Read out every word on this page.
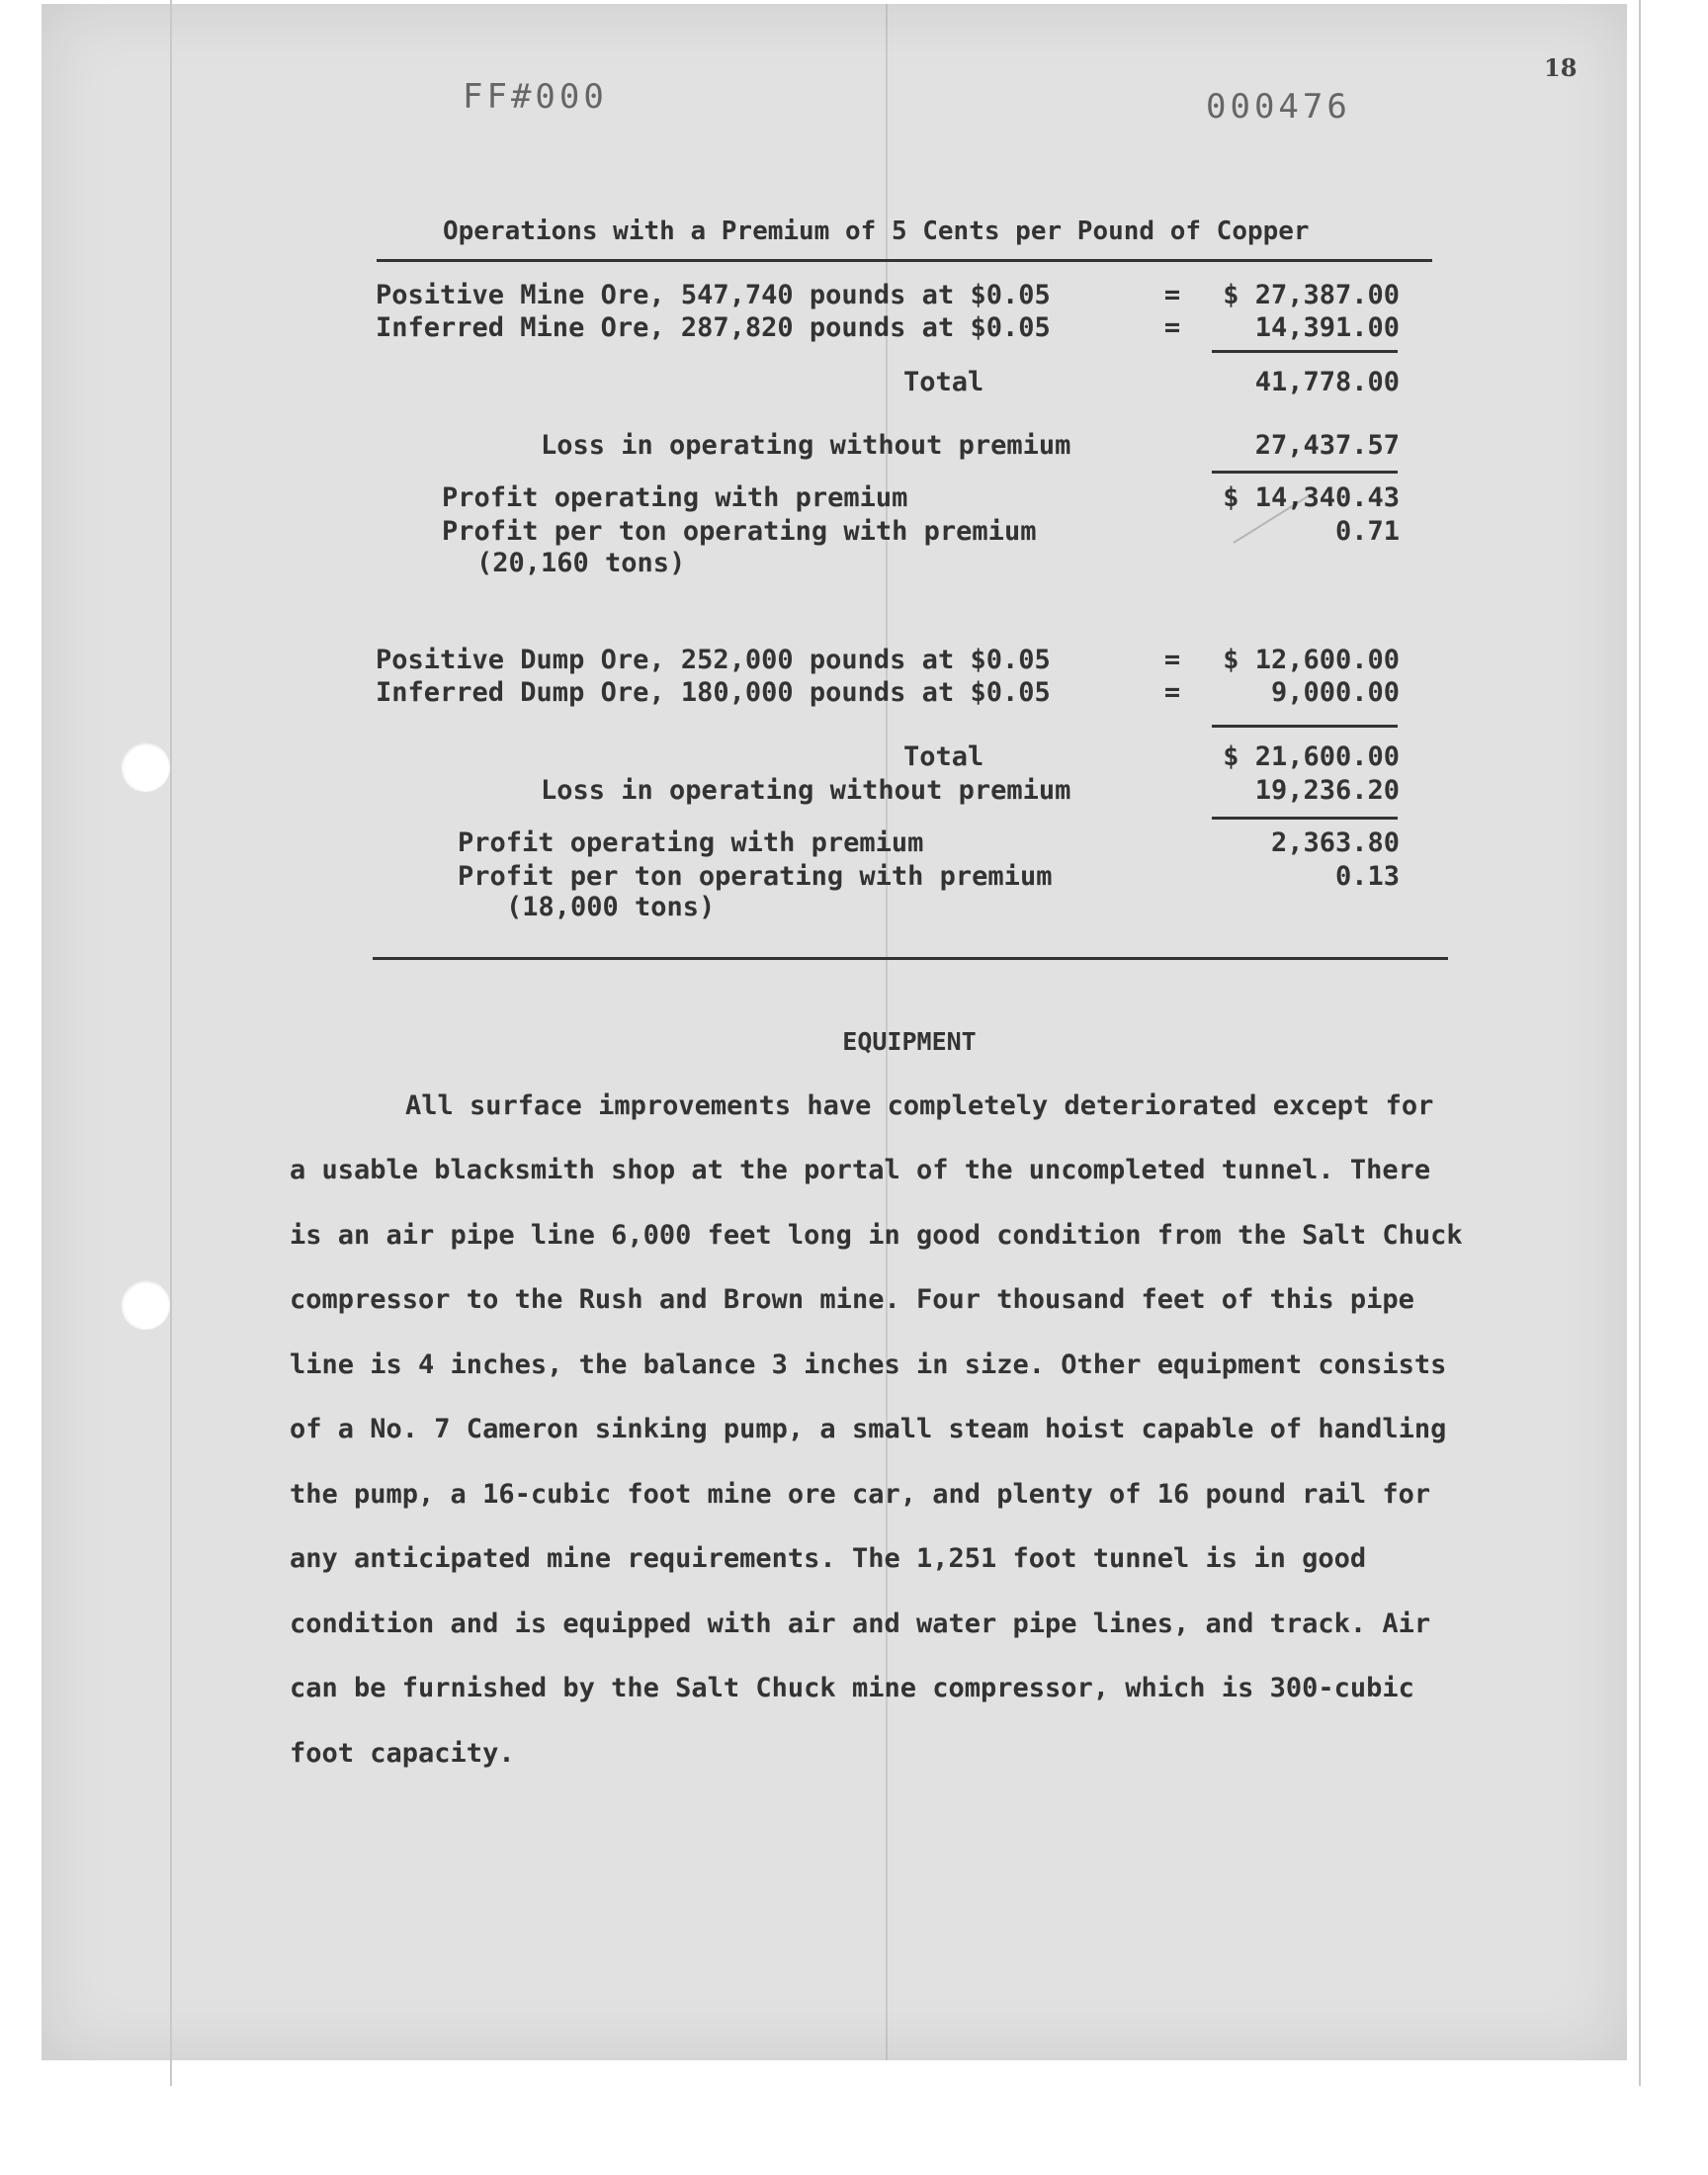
FF#000	000476
18
Operations with a Premium of 5 Cents per Pound of Copper
Positive Mine Ore, 547,740 pounds at $0.05	=	$ 27,387.00
Inferred Mine Ore, 287,820 pounds at $0.05	=	14,391.00
Total	41,778.00
Loss in operating without premium	27,437.57
Profit operating with premium	$ 14,340.43
Profit per ton operating with premium	0.71
(20,160 tons)
Positive Dump Ore, 252,000 pounds at $0.05	=	$ 12,600.00
Inferred Dump Ore, 180,000 pounds at $0.05	=	9,000.00
Total	$ 21,600.00
Loss in operating without premium	19,236.20
Profit operating with premium	2,363.80
Profit per ton operating with premium	0.13
(18,000 tons)
EQUIPMENT
All surface improvements have completely deteriorated except for
a usable blacksmith shop at the portal of the uncompleted tunnel. There
is an air pipe line 6,000 feet long in good condition from the Salt Chuck
compressor to the Rush and Brown mine. Four thousand feet of this pipe
line is 4 inches, the balance 3 inches in size. Other equipment consists
of a No. 7 Cameron sinking pump, a small steam hoist capable of handling
the pump, a 16-cubic foot mine ore car, and plenty of 16 pound rail for
any anticipated mine requirements. The 1,251 foot tunnel is in good
condition and is equipped with air and water pipe lines, and track. Air
can be furnished by the Salt Chuck mine compressor, which is 300-cubic
foot capacity.
